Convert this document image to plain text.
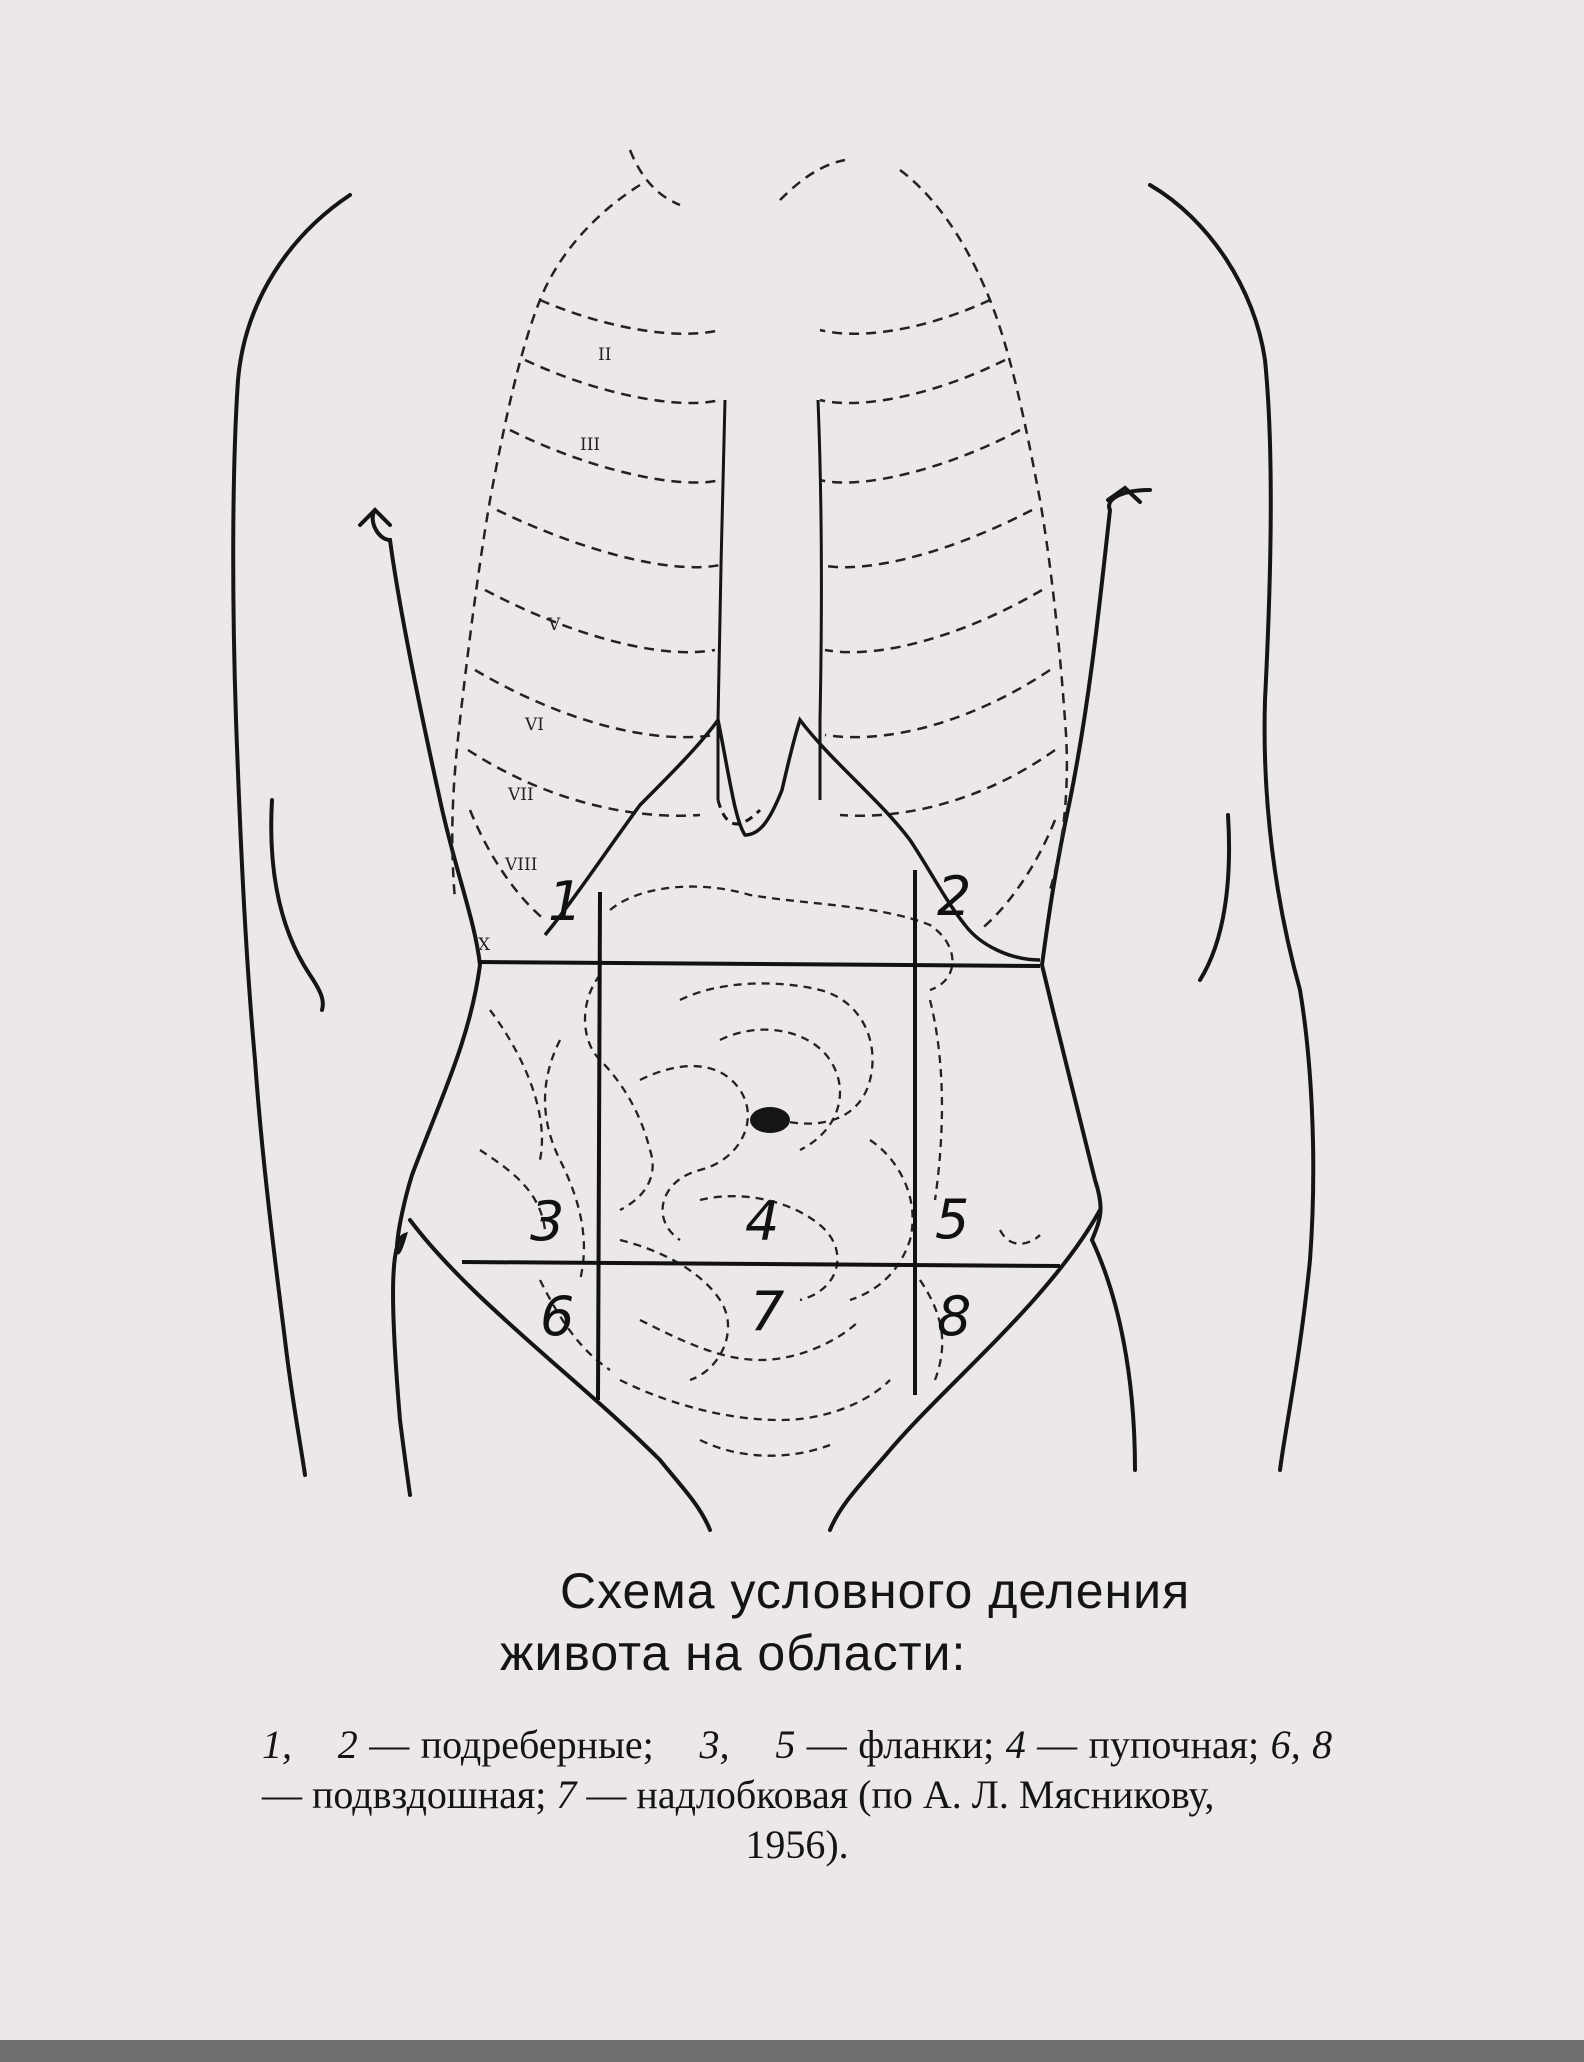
1	2
3	4	5
6	7	8
II
III
V
VI
VII
VIII
X
Схема условного деления
живота на области:
1, 2 — подреберные; 3, 5 — фланки; 4 — пупочная; 6, 8 — подвздошная; 7 — надлобковая (по А. Л. Мясникову,
1956).
